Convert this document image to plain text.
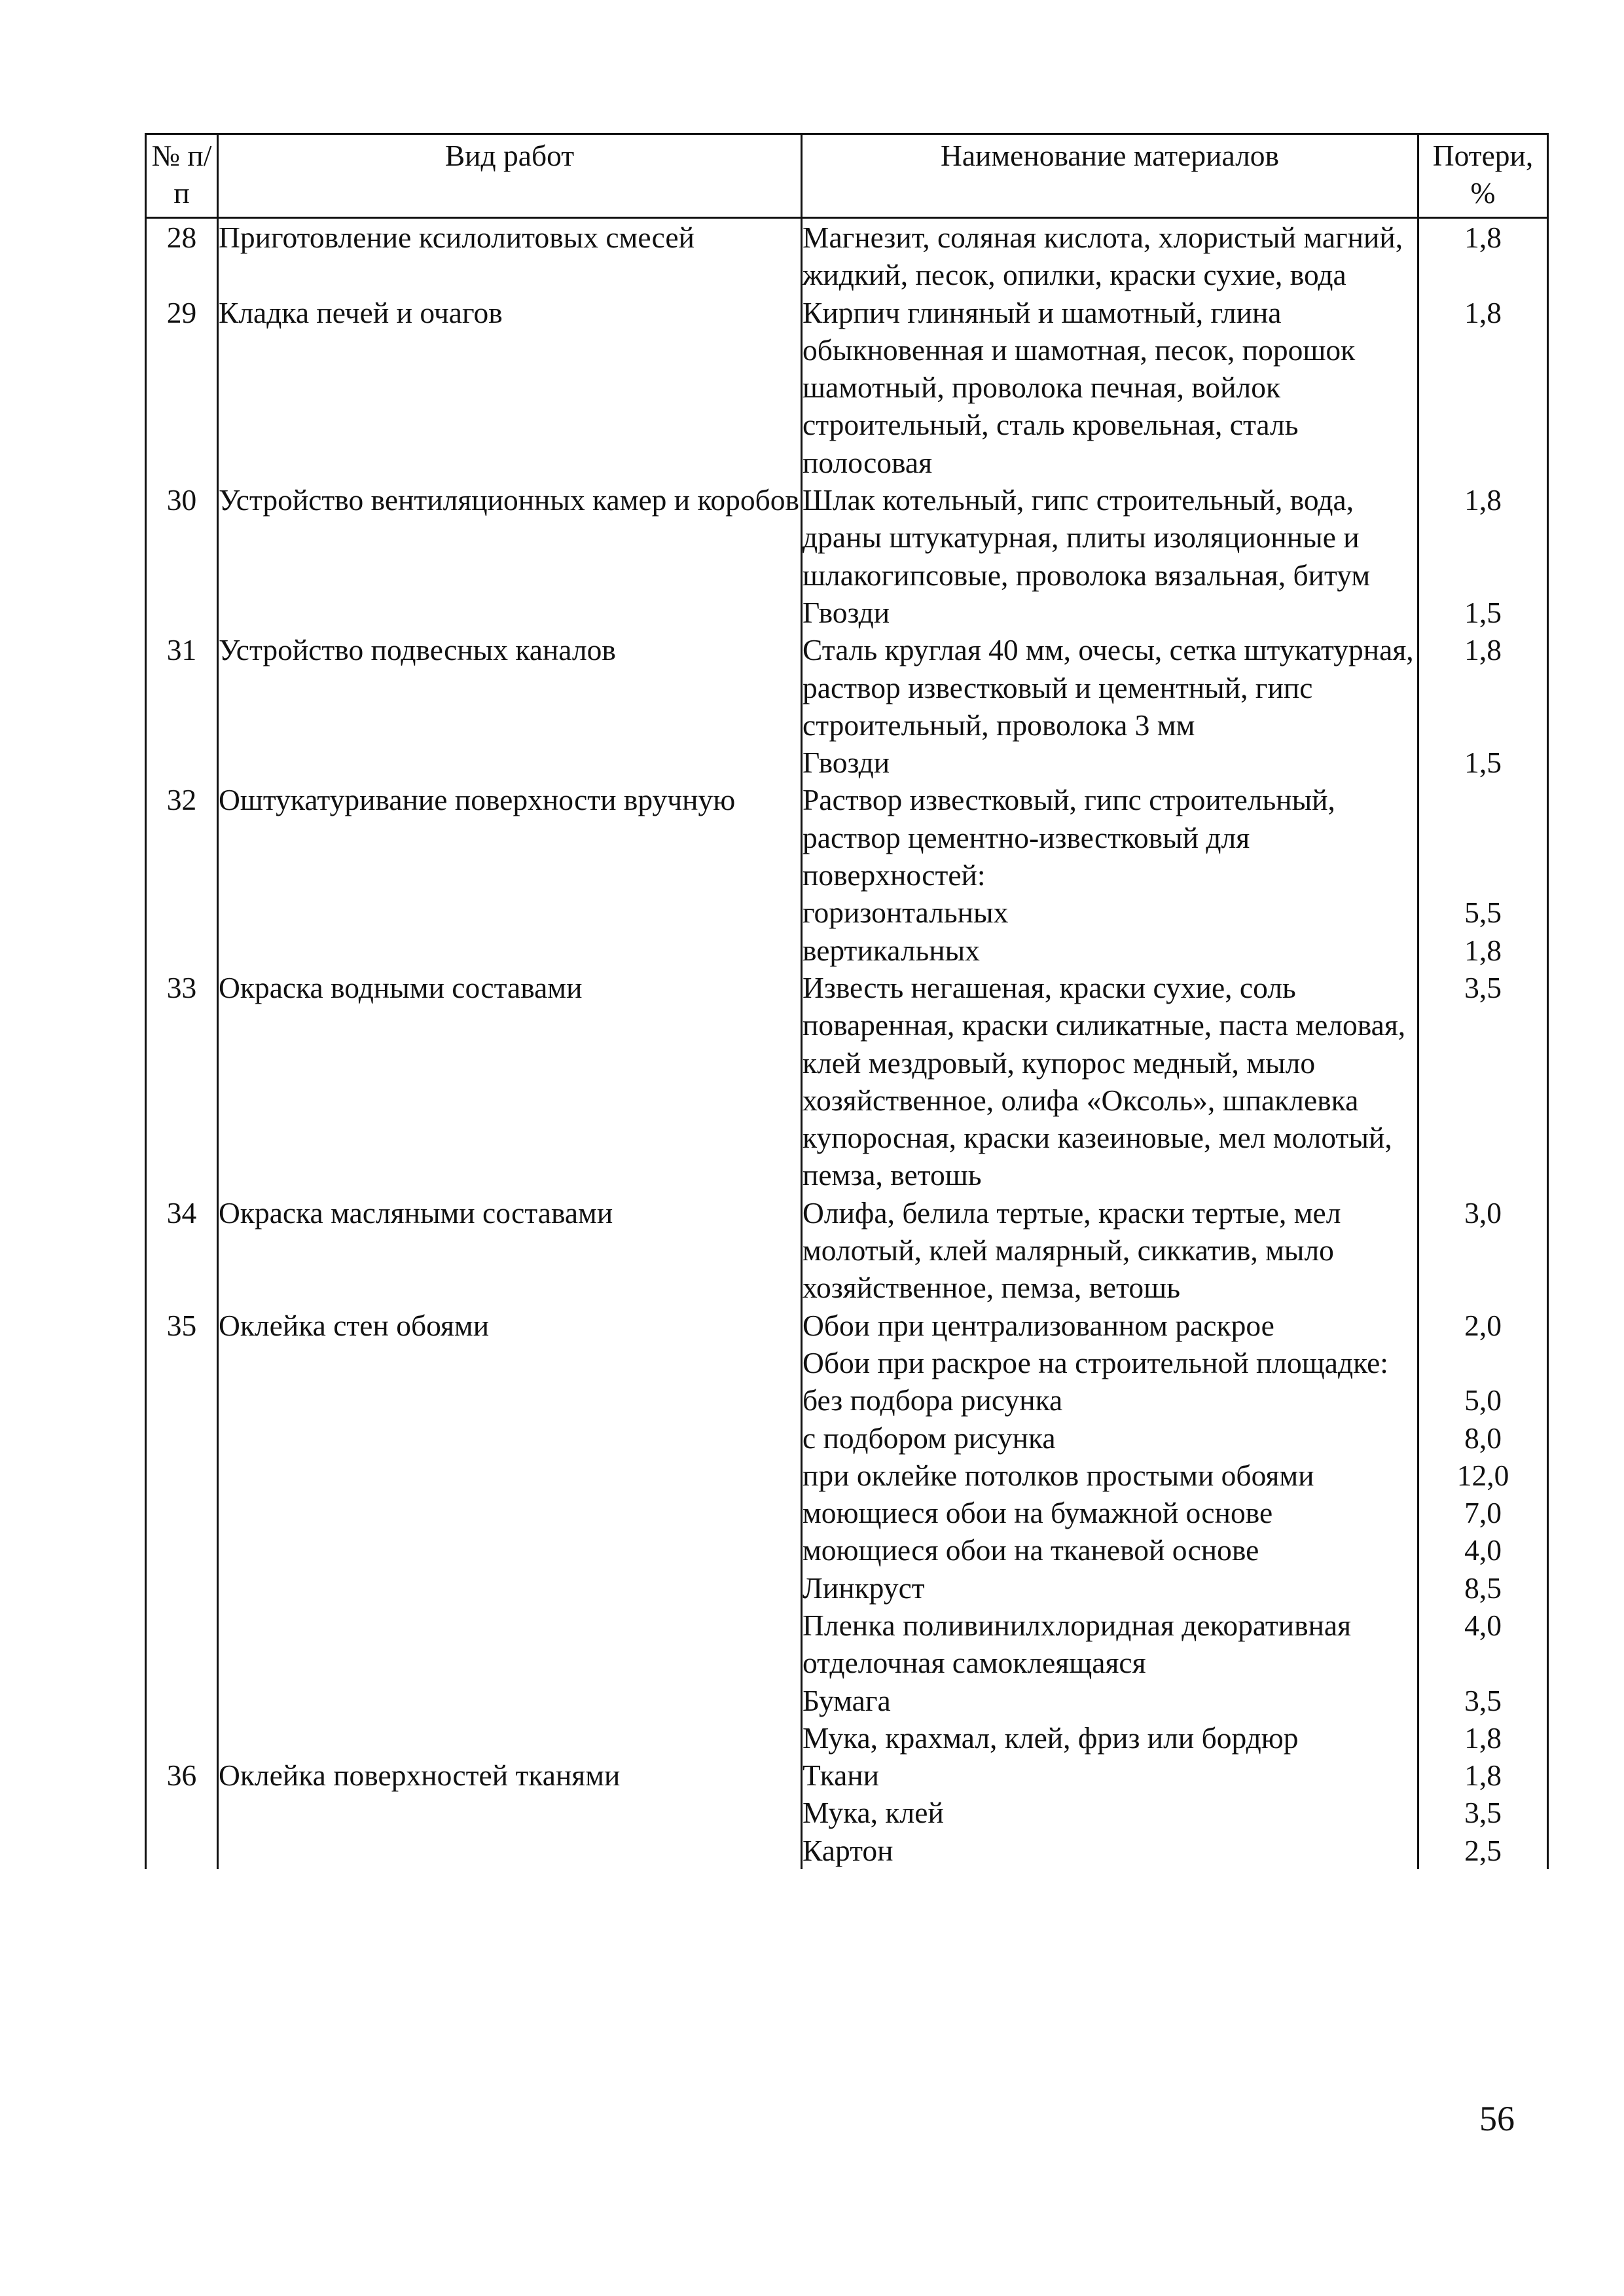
№ п/п	Вид работ	Наименование материалов	Потери, %
28	Приготовление ксилолитовых смесей	Магнезит, соляная кислота, хлористый магний, жидкий, песок, опилки, краски сухие, вода	1,8
29	Кладка печей и очагов	Кирпич глиняный и шамотный, глина обыкновенная и шамотная, песок, порошок шамотный, проволока печная, войлок строительный, сталь кровельная, сталь полосовая	1,8
30	Устройство вентиляционных камер и коробов	Шлак котельный, гипс строительный, вода, драны штукатурная, плиты изоляционные и шлакогипсовые, проволока вязальная, битум	1,8
		Гвозди	1,5
31	Устройство подвесных каналов	Сталь круглая 40 мм, очесы, сетка штукатурная, раствор известковый и цементный, гипс строительный, проволока 3 мм	1,8
		Гвозди	1,5
32	Оштукатуривание поверхности вручную	Раствор известковый, гипс строительный, раствор цементно-известковый для поверхностей:	
		горизонтальных	5,5
		вертикальных	1,8
33	Окраска водными составами	Известь негашеная, краски сухие, соль поваренная, краски силикатные, паста меловая, клей мездровый, купорос медный, мыло хозяйственное, олифа «Оксоль», шпаклевка купоросная, краски казеиновые, мел молотый, пемза, ветошь	3,5
34	Окраска масляными составами	Олифа, белила тертые, краски тертые, мел молотый, клей малярный, сиккатив, мыло хозяйственное, пемза, ветошь	3,0
35	Оклейка стен обоями	Обои при централизованном раскрое	2,0
		Обои при раскрое на строительной площадке:	
		без подбора рисунка	5,0
		с подбором рисунка	8,0
		при оклейке потолков простыми обоями	12,0
		моющиеся обои на бумажной основе	7,0
		моющиеся обои на тканевой основе	4,0
		Линкруст	8,5
		Пленка поливинилхлоридная декоративная отделочная самоклеящаяся	4,0
		Бумага	3,5
		Мука, крахмал, клей, фриз или бордюр	1,8
36	Оклейка поверхностей тканями	Ткани	1,8
		Мука, клей	3,5
		Картон	2,5
56
